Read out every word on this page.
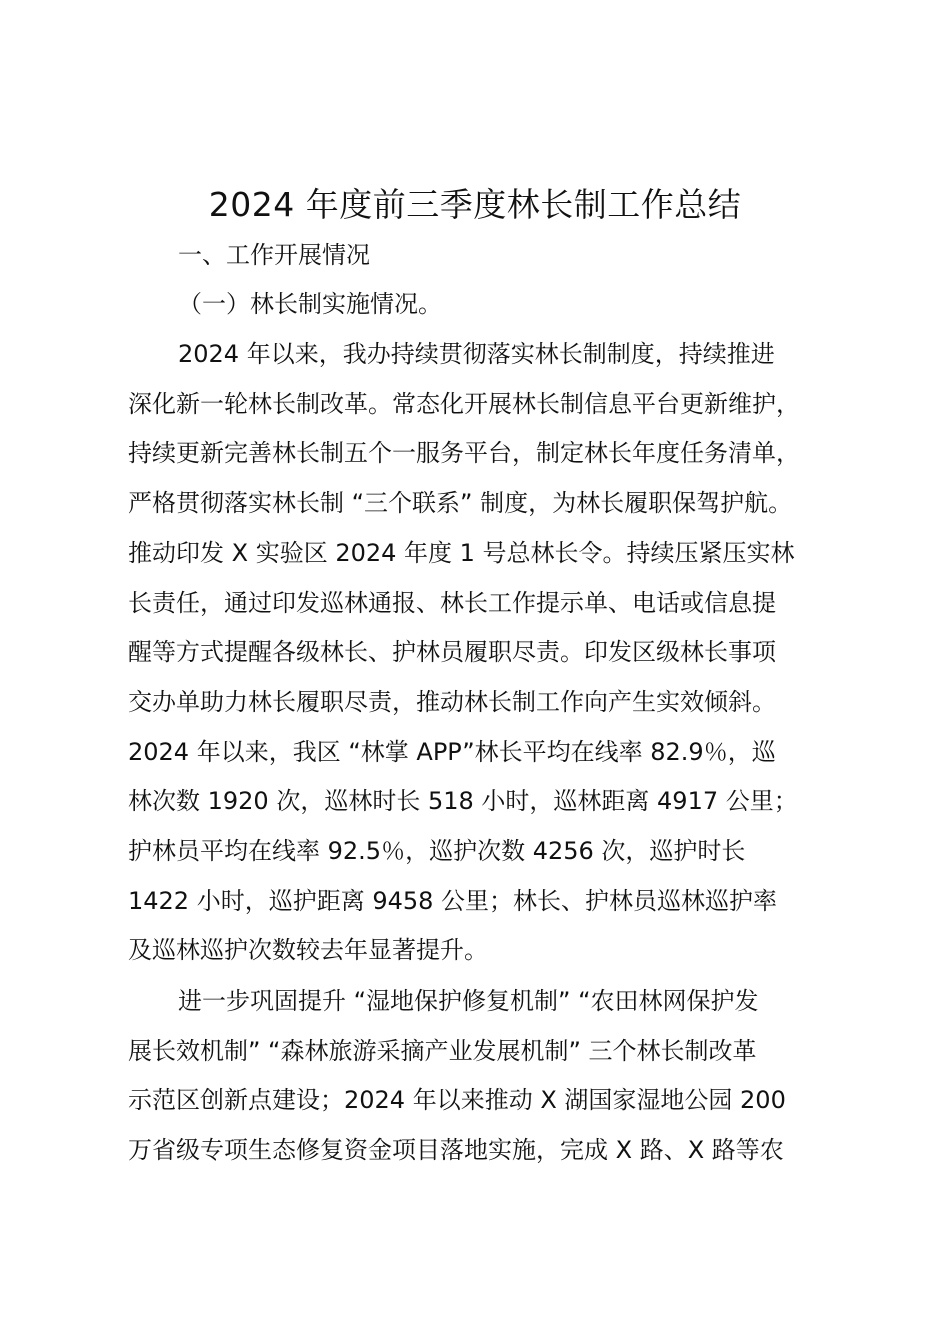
2024 年度前三季度林长制工作总结
一、工作开展情况
（一）林长制实施情况。
2024 年以来，我办持续贯彻落实林长制制度，持续推进
深化新一轮林长制改革。常态化开展林长制信息平台更新维护，
持续更新完善林长制五个一服务平台，制定林长年度任务清单，
严格贯彻落实林长制 “三个联系” 制度，为林长履职保驾护航。
推动印发 X 实验区 2024 年度 1 号总林长令。持续压紧压实林
长责任，通过印发巡林通报、林长工作提示单、电话或信息提
醒等方式提醒各级林长、护林员履职尽责。印发区级林长事项
交办单助力林长履职尽责，推动林长制工作向产生实效倾斜。
2024 年以来，我区 “林掌 APP”林长平均在线率 82.9％，巡
林次数 1920 次，巡林时长 518 小时，巡林距离 4917 公里；
护林员平均在线率 92.5％，巡护次数 4256 次，巡护时长
1422 小时，巡护距离 9458 公里；林长、护林员巡林巡护率
及巡林巡护次数较去年显著提升。
进一步巩固提升 “湿地保护修复机制” “农田林网保护发
展长效机制” “森林旅游采摘产业发展机制” 三个林长制改革
示范区创新点建设；2024 年以来推动 X 湖国家湿地公园 200
万省级专项生态修复资金项目落地实施，完成 X 路、X 路等农
